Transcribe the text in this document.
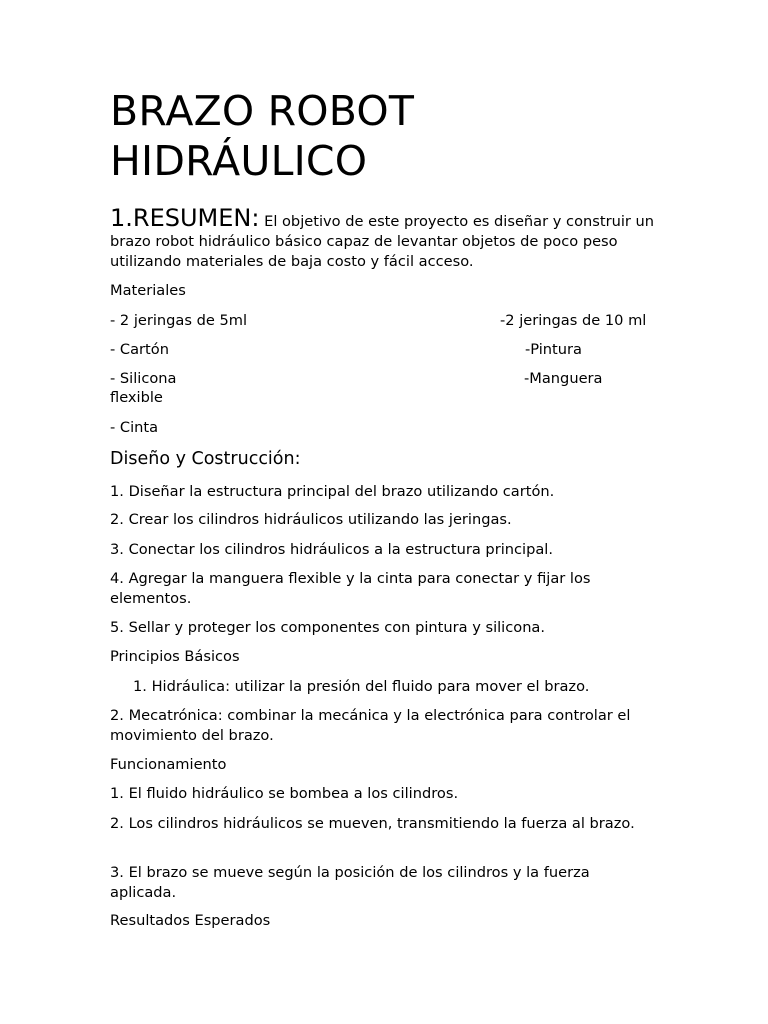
BRAZO ROBOT
HIDRÁULICO

1.RESUMEN: El objetivo de este proyecto es diseñar y construir un brazo robot hidráulico básico capaz de levantar objetos de poco peso utilizando materiales de baja costo y fácil acceso.

Materiales

- 2 jeringas de 5ml	-2 jeringas de 10 ml
- Cartón	-Pintura
- Silicona	-Manguera

flexible

- Cinta

Diseño y Costrucción:

1. Diseñar la estructura principal del brazo utilizando cartón.

2. Crear los cilindros hidráulicos utilizando las jeringas.

3. Conectar los cilindros hidráulicos a la estructura principal.

4. Agregar la manguera flexible y la cinta para conectar y fijar los elementos.

5. Sellar y proteger los componentes con pintura y silicona.

Principios Básicos

1. Hidráulica: utilizar la presión del fluido para mover el brazo.

2. Mecatrónica: combinar la mecánica y la electrónica para controlar el movimiento del brazo.

Funcionamiento

1. El fluido hidráulico se bombea a los cilindros.

2. Los cilindros hidráulicos se mueven, transmitiendo la fuerza al brazo.

3. El brazo se mueve según la posición de los cilindros y la fuerza aplicada.

Resultados Esperados
